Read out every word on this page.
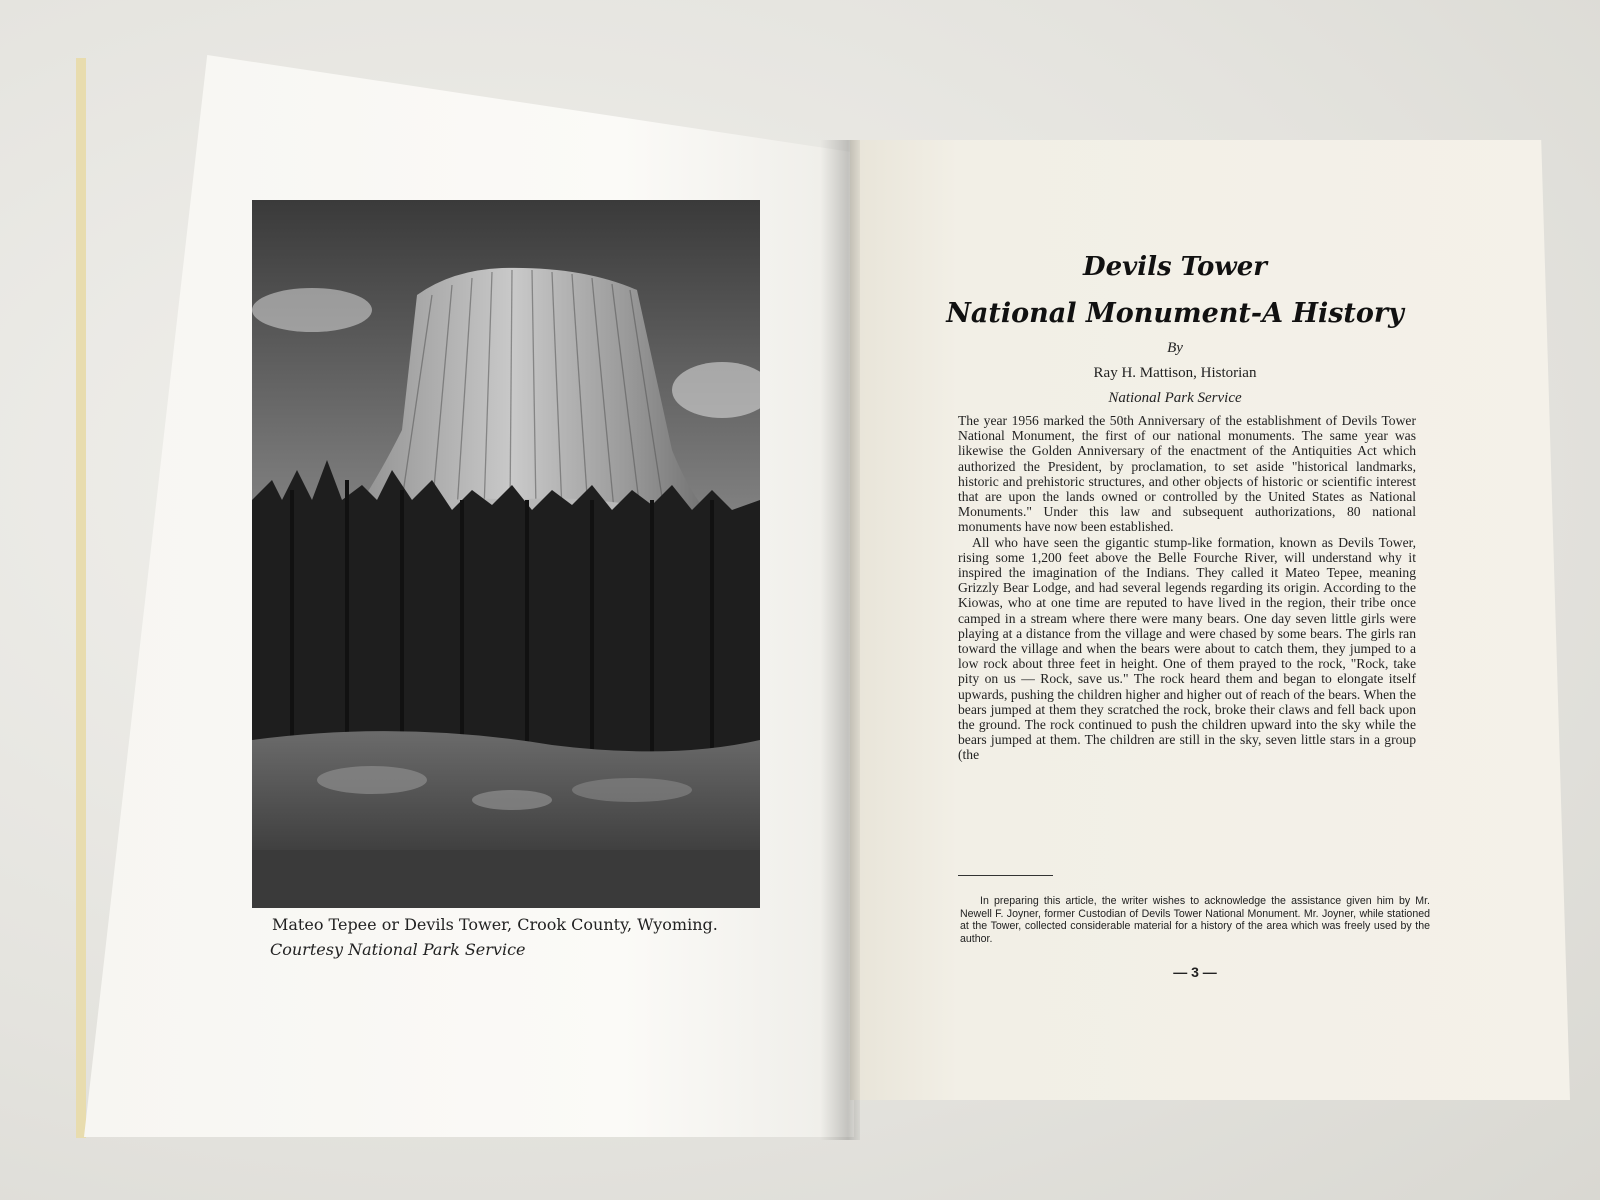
Mateo Tepee or Devils Tower, Crook County, Wyoming.
Courtesy National Park Service
Devils Tower
National Monument-A History
By
Ray H. Mattison, Historian
National Park Service

The year 1956 marked the 50th Anniversary of the establishment of Devils Tower National Monument, the first of our national monuments. The same year was likewise the Golden Anniversary of the enactment of the Antiquities Act which authorized the President, by proclamation, to set aside "historical landmarks, historic and prehistoric structures, and other objects of historic or scientific interest that are upon the lands owned or controlled by the United States as National Monuments." Under this law and subsequent authorizations, 80 national monuments have now been established.

All who have seen the gigantic stump-like formation, known as Devils Tower, rising some 1,200 feet above the Belle Fourche River, will understand why it inspired the imagination of the Indians. They called it Mateo Tepee, meaning Grizzly Bear Lodge, and had several legends regarding its origin. According to the Kiowas, who at one time are reputed to have lived in the region, their tribe once camped in a stream where there were many bears. One day seven little girls were playing at a distance from the village and were chased by some bears. The girls ran toward the village and when the bears were about to catch them, they jumped to a low rock about three feet in height. One of them prayed to the rock, "Rock, take pity on us — Rock, save us." The rock heard them and began to elongate itself upwards, pushing the children higher and higher out of reach of the bears. When the bears jumped at them they scratched the rock, broke their claws and fell back upon the ground. The rock continued to push the children upward into the sky while the bears jumped at them. The children are still in the sky, seven little stars in a group (the

In preparing this article, the writer wishes to acknowledge the assistance given him by Mr. Newell F. Joyner, former Custodian of Devils Tower National Monument. Mr. Joyner, while stationed at the Tower, collected considerable material for a history of the area which was freely used by the author.
— 3 —
